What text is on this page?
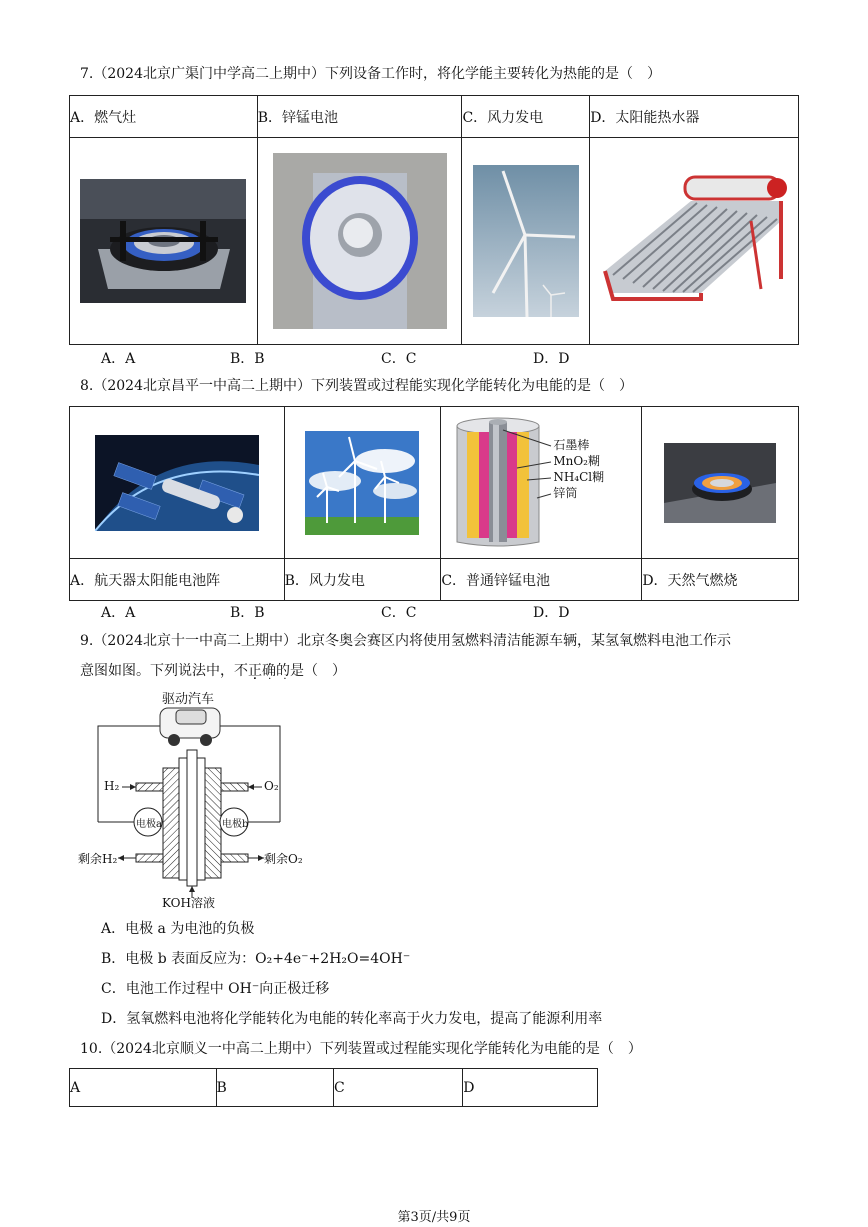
7.（2024北京广渠门中学高二上期中）下列设备工作时，将化学能主要转化为热能的是（　）
A．燃气灶	B．锌锰电池	C．风力发电	D．太阳能热水器

A．A	B．B	C．C	D．D
8.（2024北京昌平一中高二上期中）下列装置或过程能实现化学能转化为电能的是（　）

石墨棒
MnO₂糊
NH₄Cl糊
锌筒

A．航天器太阳能电池阵	B．风力发电	C．普通锌锰电池	D．天然气燃烧
A．A	B．B	C．C	D．D
9.（2024北京十一中高二上期中）北京冬奥会赛区内将使用氢燃料清洁能源车辆，某氢氧燃料电池工作示
意图如图。下列说法中，不正确的是（　）
···
驱动汽车
H₂	O₂
电极a	电极b
剩余H₂	剩余O₂
KOH溶液
A．电极 a 为电池的负极
B．电极 b 表面反应为：O₂+4e⁻+2H₂O=4OH⁻
C．电池工作过程中 OH⁻向正极迁移
D．氢氧燃料电池将化学能转化为电能的转化率高于火力发电，提高了能源利用率
10.（2024北京顺义一中高二上期中）下列装置或过程能实现化学能转化为电能的是（　）
A	B	C	D
第3页/共9页
